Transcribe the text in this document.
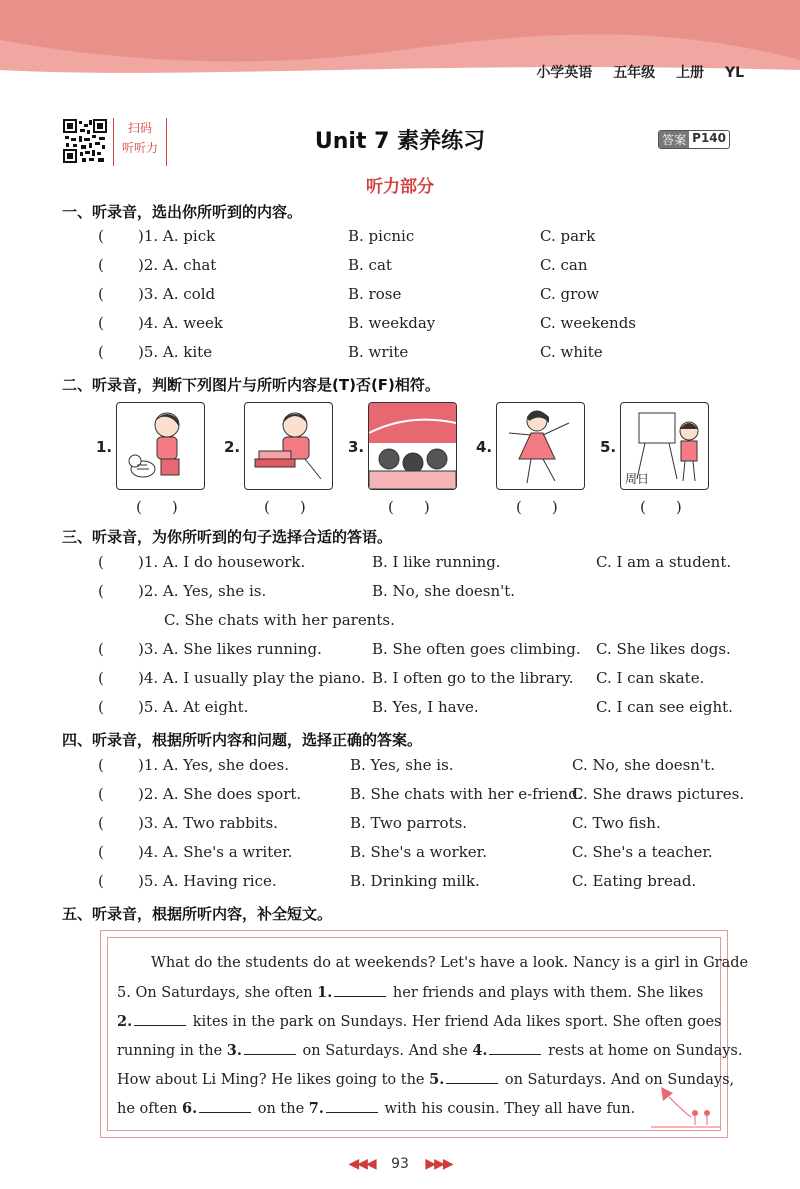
小学英语 五年级 上册 YL
扫码
听听力	Unit 7 素养练习	答案 P140
听力部分
一、听录音，选出你所听到的内容。
( )1. A. pick	B. picnic	C. park
( )2. A. chat	B. cat	C. can
( )3. A. cold	B. rose	C. grow
( )4. A. week	B. weekday	C. weekends
( )5. A. kite	B. write	C. white
二、听录音，判断下列图片与所听内容是(T)否(F)相符。
1.
(　　)
2.
(　　)
3.
(　　)
4.
(　　)
5.
周日
(　　)
三、听录音，为你所听到的句子选择合适的答语。
( )1. A. I do housework.	B. I like running.	C. I am a student.
( )2. A. Yes, she is.	B. No, she doesn't.
C. She chats with her parents.
( )3. A. She likes running.	B. She often goes climbing. C. She likes dogs.
( )4. A. I usually play the piano. B. I often go to the library. C. I can skate.
( )5. A. At eight.	B. Yes, I have.	C. I can see eight.
四、听录音，根据所听内容和问题，选择正确的答案。
( )1. A. Yes, she does.	B. Yes, she is.	C. No, she doesn't.
( )2. A. She does sport.	B. She chats with her e-friend.
C. She draws pictures.
( )3. A. Two rabbits.	B. Two parrots.	C. Two fish.
( )4. A. She's a writer.	B. She's a worker.	C. She's a teacher.
( )5. A. Having rice.	B. Drinking milk.	C. Eating bread.
五、听录音，根据所听内容，补全短文。
What do the students do at weekends? Let's have a look. Nancy is a girl in Grade
5. On Saturdays, she often 1.	her friends and plays with them. She likes
2.	kites in the park on Sundays. Her friend Ada likes sport. She often goes
running in the 3.	on Saturdays. And she 4.	rests at home on Sundays.
How about Li Ming? He likes going to the 5.	on Saturdays. And on Sundays,
he often 6.	on the 7.	with his cousin. They all have fun.
◀◀◀ 93 ▶▶▶
